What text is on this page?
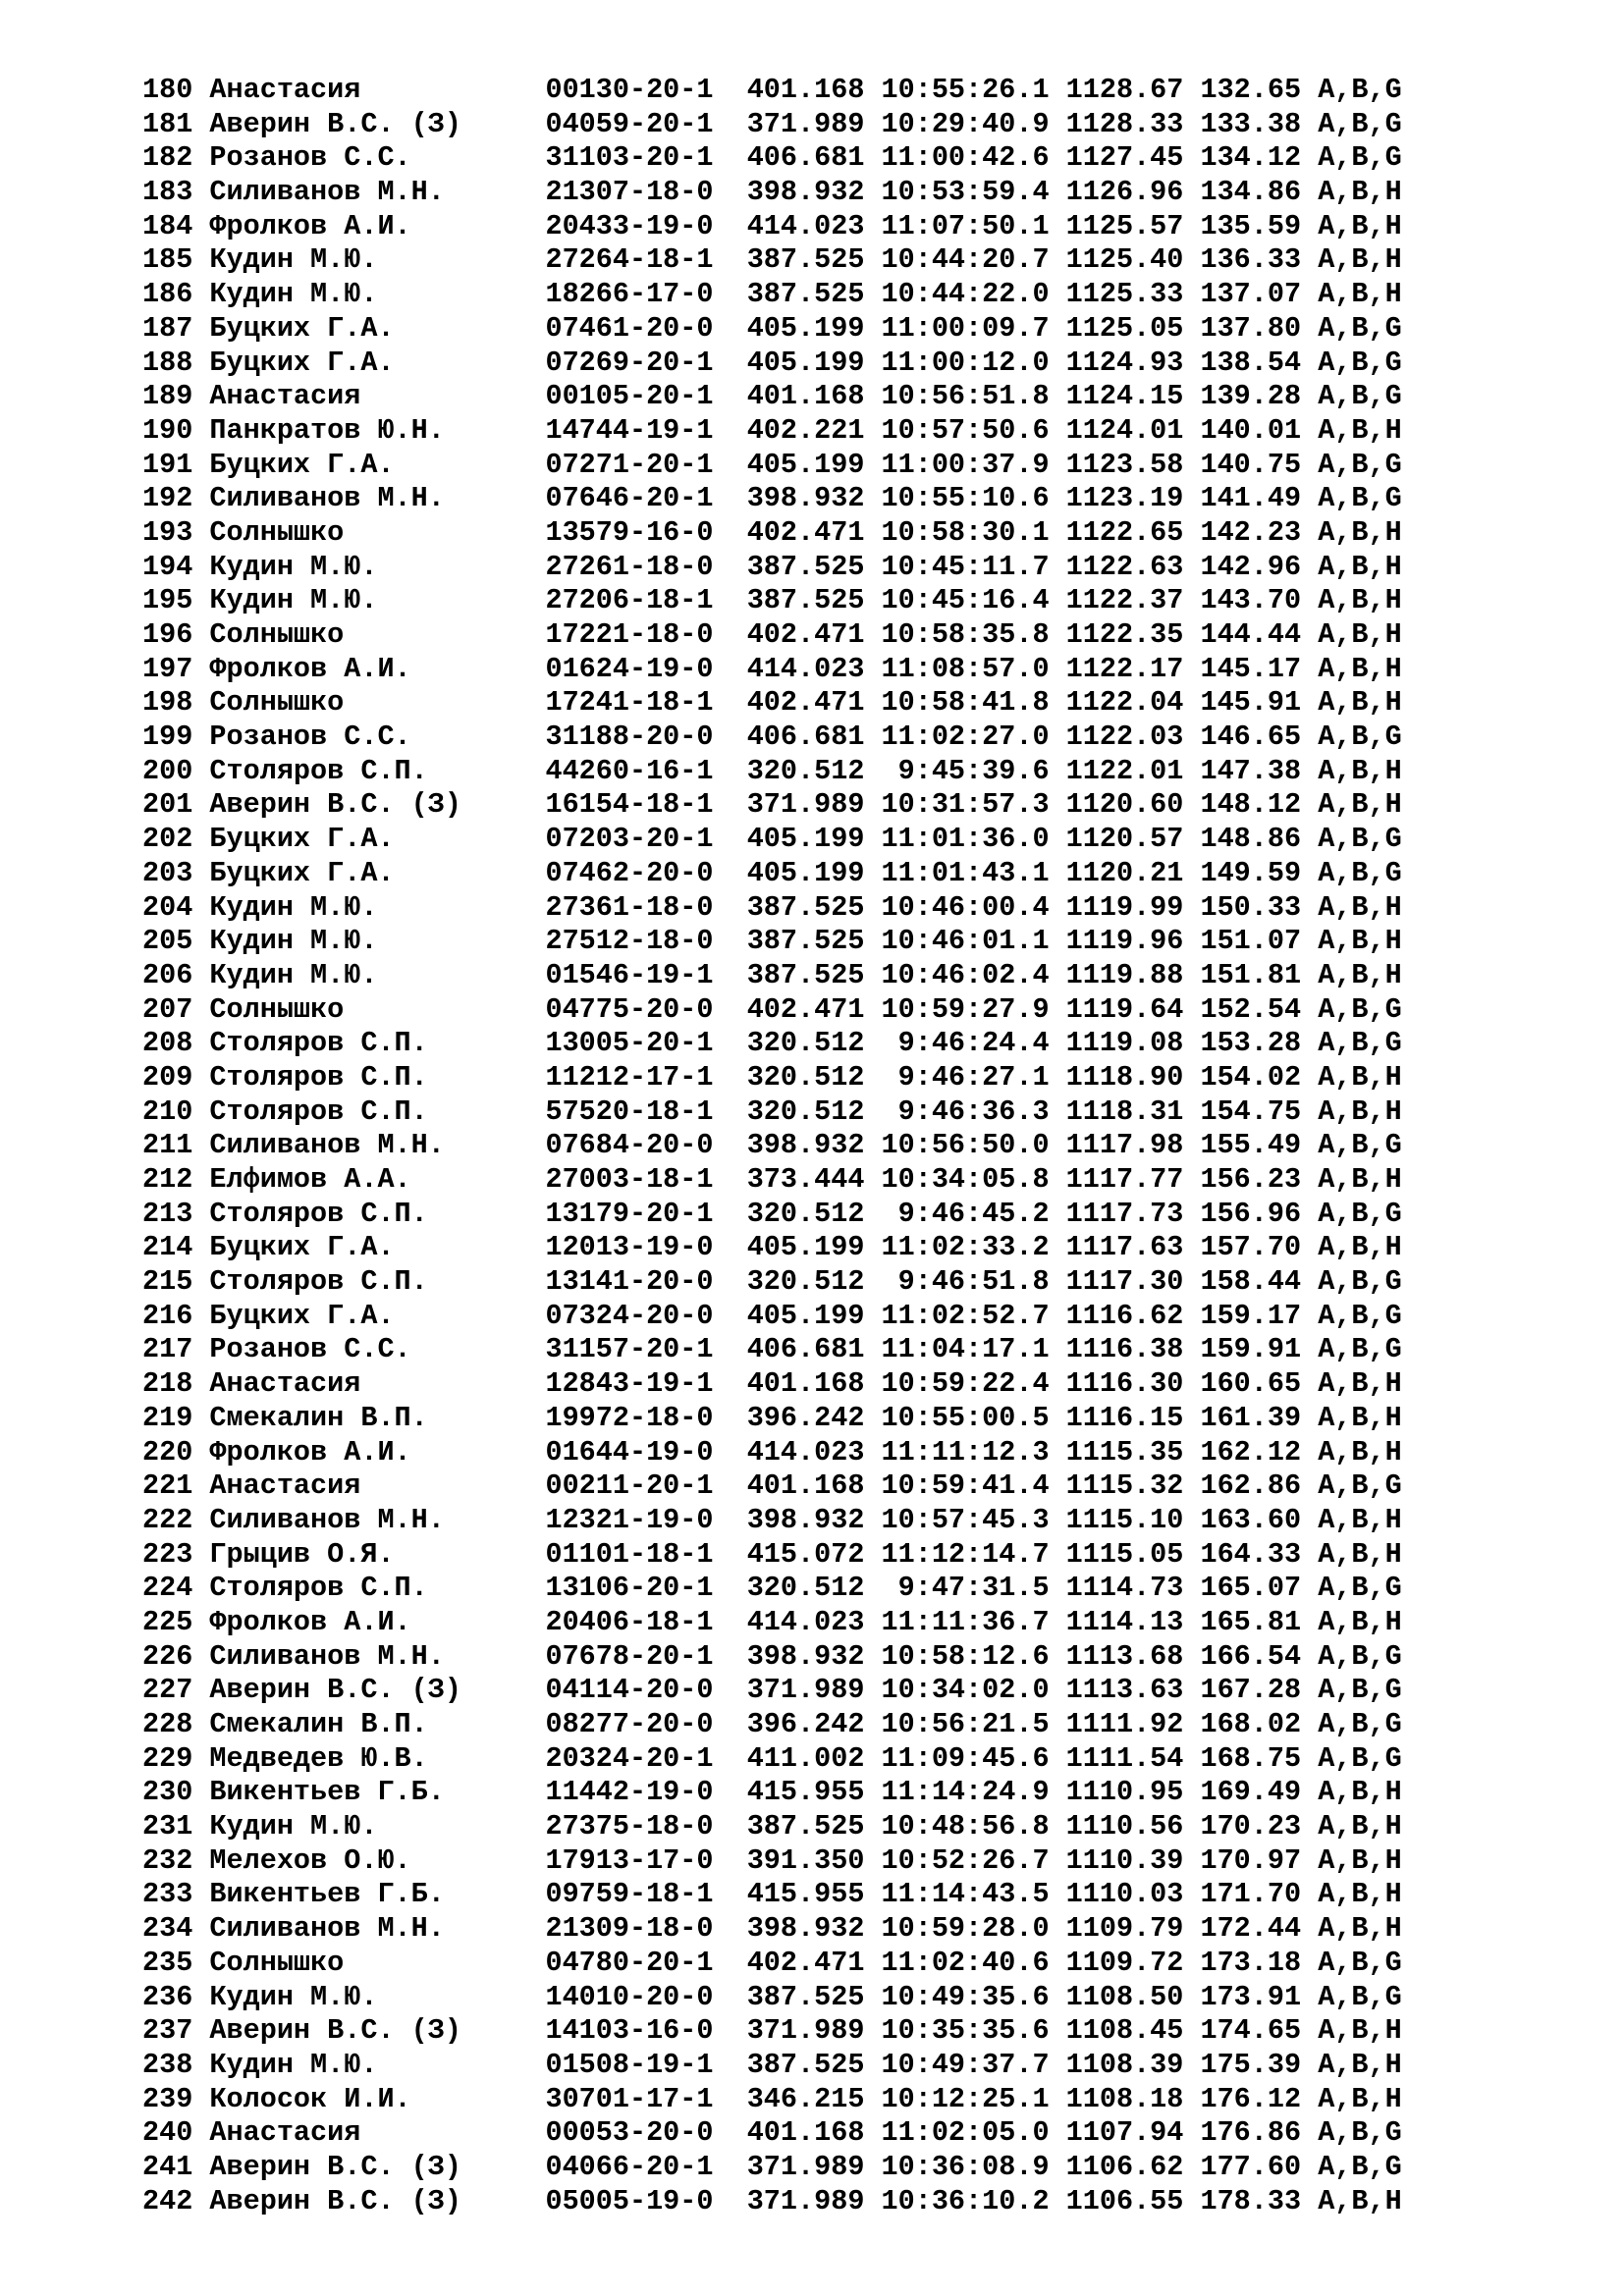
180 Анастасия           00130-20-1  401.168 10:55:26.1 1128.67 132.65 A,B,G
181 Аверин В.С. (З)     04059-20-1  371.989 10:29:40.9 1128.33 133.38 A,B,G
182 Розанов С.С.        31103-20-1  406.681 11:00:42.6 1127.45 134.12 A,B,G
183 Силиванов М.Н.      21307-18-0  398.932 10:53:59.4 1126.96 134.86 A,B,H
184 Фролков А.И.        20433-19-0  414.023 11:07:50.1 1125.57 135.59 A,B,H
185 Кудин М.Ю.          27264-18-1  387.525 10:44:20.7 1125.40 136.33 A,B,H
186 Кудин М.Ю.          18266-17-0  387.525 10:44:22.0 1125.33 137.07 A,B,H
187 Буцких Г.А.         07461-20-0  405.199 11:00:09.7 1125.05 137.80 A,B,G
188 Буцких Г.А.         07269-20-1  405.199 11:00:12.0 1124.93 138.54 A,B,G
189 Анастасия           00105-20-1  401.168 10:56:51.8 1124.15 139.28 A,B,G
190 Панкратов Ю.Н.      14744-19-1  402.221 10:57:50.6 1124.01 140.01 A,B,H
191 Буцких Г.А.         07271-20-1  405.199 11:00:37.9 1123.58 140.75 A,B,G
192 Силиванов М.Н.      07646-20-1  398.932 10:55:10.6 1123.19 141.49 A,B,G
193 Солнышко            13579-16-0  402.471 10:58:30.1 1122.65 142.23 A,B,H
194 Кудин М.Ю.          27261-18-0  387.525 10:45:11.7 1122.63 142.96 A,B,H
195 Кудин М.Ю.          27206-18-1  387.525 10:45:16.4 1122.37 143.70 A,B,H
196 Солнышко            17221-18-0  402.471 10:58:35.8 1122.35 144.44 A,B,H
197 Фролков А.И.        01624-19-0  414.023 11:08:57.0 1122.17 145.17 A,B,H
198 Солнышко            17241-18-1  402.471 10:58:41.8 1122.04 145.91 A,B,H
199 Розанов С.С.        31188-20-0  406.681 11:02:27.0 1122.03 146.65 A,B,G
200 Столяров С.П.       44260-16-1  320.512  9:45:39.6 1122.01 147.38 A,B,H
201 Аверин В.С. (З)     16154-18-1  371.989 10:31:57.3 1120.60 148.12 A,B,H
202 Буцких Г.А.         07203-20-1  405.199 11:01:36.0 1120.57 148.86 A,B,G
203 Буцких Г.А.         07462-20-0  405.199 11:01:43.1 1120.21 149.59 A,B,G
204 Кудин М.Ю.          27361-18-0  387.525 10:46:00.4 1119.99 150.33 A,B,H
205 Кудин М.Ю.          27512-18-0  387.525 10:46:01.1 1119.96 151.07 A,B,H
206 Кудин М.Ю.          01546-19-1  387.525 10:46:02.4 1119.88 151.81 A,B,H
207 Солнышко            04775-20-0  402.471 10:59:27.9 1119.64 152.54 A,B,G
208 Столяров С.П.       13005-20-1  320.512  9:46:24.4 1119.08 153.28 A,B,G
209 Столяров С.П.       11212-17-1  320.512  9:46:27.1 1118.90 154.02 A,B,H
210 Столяров С.П.       57520-18-1  320.512  9:46:36.3 1118.31 154.75 A,B,H
211 Силиванов М.Н.      07684-20-0  398.932 10:56:50.0 1117.98 155.49 A,B,G
212 Елфимов А.А.        27003-18-1  373.444 10:34:05.8 1117.77 156.23 A,B,H
213 Столяров С.П.       13179-20-1  320.512  9:46:45.2 1117.73 156.96 A,B,G
214 Буцких Г.А.         12013-19-0  405.199 11:02:33.2 1117.63 157.70 A,B,H
215 Столяров С.П.       13141-20-0  320.512  9:46:51.8 1117.30 158.44 A,B,G
216 Буцких Г.А.         07324-20-0  405.199 11:02:52.7 1116.62 159.17 A,B,G
217 Розанов С.С.        31157-20-1  406.681 11:04:17.1 1116.38 159.91 A,B,G
218 Анастасия           12843-19-1  401.168 10:59:22.4 1116.30 160.65 A,B,H
219 Смекалин В.П.       19972-18-0  396.242 10:55:00.5 1116.15 161.39 A,B,H
220 Фролков А.И.        01644-19-0  414.023 11:11:12.3 1115.35 162.12 A,B,H
221 Анастасия           00211-20-1  401.168 10:59:41.4 1115.32 162.86 A,B,G
222 Силиванов М.Н.      12321-19-0  398.932 10:57:45.3 1115.10 163.60 A,B,H
223 Грыцив О.Я.         01101-18-1  415.072 11:12:14.7 1115.05 164.33 A,B,H
224 Столяров С.П.       13106-20-1  320.512  9:47:31.5 1114.73 165.07 A,B,G
225 Фролков А.И.        20406-18-1  414.023 11:11:36.7 1114.13 165.81 A,B,H
226 Силиванов М.Н.      07678-20-1  398.932 10:58:12.6 1113.68 166.54 A,B,G
227 Аверин В.С. (З)     04114-20-0  371.989 10:34:02.0 1113.63 167.28 A,B,G
228 Смекалин В.П.       08277-20-0  396.242 10:56:21.5 1111.92 168.02 A,B,G
229 Медведев Ю.В.       20324-20-1  411.002 11:09:45.6 1111.54 168.75 A,B,G
230 Викентьев Г.Б.      11442-19-0  415.955 11:14:24.9 1110.95 169.49 A,B,H
231 Кудин М.Ю.          27375-18-0  387.525 10:48:56.8 1110.56 170.23 A,B,H
232 Мелехов О.Ю.        17913-17-0  391.350 10:52:26.7 1110.39 170.97 A,B,H
233 Викентьев Г.Б.      09759-18-1  415.955 11:14:43.5 1110.03 171.70 A,B,H
234 Силиванов М.Н.      21309-18-0  398.932 10:59:28.0 1109.79 172.44 A,B,H
235 Солнышко            04780-20-1  402.471 11:02:40.6 1109.72 173.18 A,B,G
236 Кудин М.Ю.          14010-20-0  387.525 10:49:35.6 1108.50 173.91 A,B,G
237 Аверин В.С. (З)     14103-16-0  371.989 10:35:35.6 1108.45 174.65 A,B,H
238 Кудин М.Ю.          01508-19-1  387.525 10:49:37.7 1108.39 175.39 A,B,H
239 Колосок И.И.        30701-17-1  346.215 10:12:25.1 1108.18 176.12 A,B,H
240 Анастасия           00053-20-0  401.168 11:02:05.0 1107.94 176.86 A,B,G
241 Аверин В.С. (З)     04066-20-1  371.989 10:36:08.9 1106.62 177.60 A,B,G
242 Аверин В.С. (З)     05005-19-0  371.989 10:36:10.2 1106.55 178.33 A,B,H
